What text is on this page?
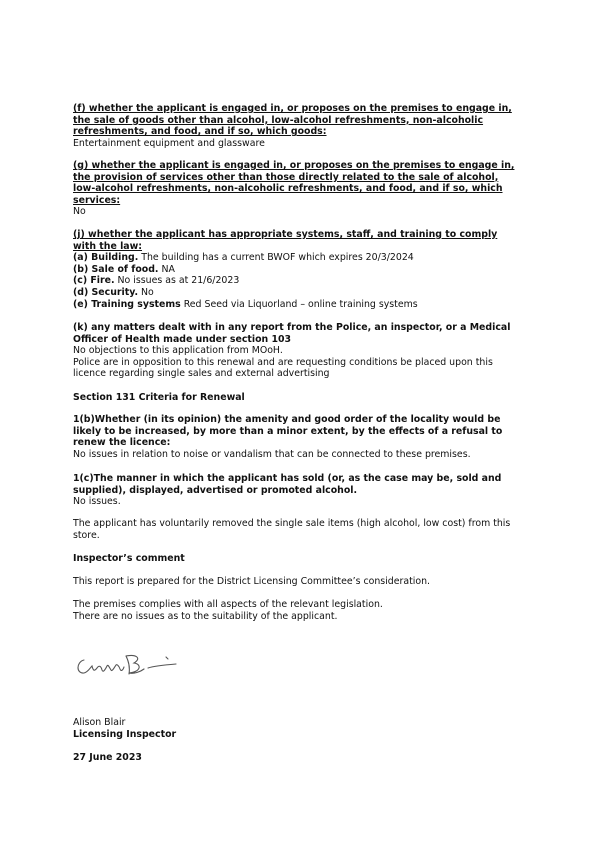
(f) whether the applicant is engaged in, or proposes on the premises to engage in,
the sale of goods other than alcohol, low-alcohol refreshments, non-alcoholic
refreshments, and food, and if so, which goods:
Entertainment equipment and glassware
(g) whether the applicant is engaged in, or proposes on the premises to engage in,
the provision of services other than those directly related to the sale of alcohol,
low-alcohol refreshments, non-alcoholic refreshments, and food, and if so, which
services:
No
(j) whether the applicant has appropriate systems, staff, and training to comply
with the law:
(a) Building. The building has a current BWOF which expires 20/3/2024
(b) Sale of food. NA
(c) Fire. No issues as at 21/6/2023
(d) Security. No
(e) Training systems Red Seed via Liquorland – online training systems
(k) any matters dealt with in any report from the Police, an inspector, or a Medical
Officer of Health made under section 103
No objections to this application from MOoH.
Police are in opposition to this renewal and are requesting conditions be placed upon this
licence regarding single sales and external advertising
Section 131 Criteria for Renewal
1(b)Whether (in its opinion) the amenity and good order of the locality would be
likely to be increased, by more than a minor extent, by the effects of a refusal to
renew the licence:
No issues in relation to noise or vandalism that can be connected to these premises.
1(c)The manner in which the applicant has sold (or, as the case may be, sold and
supplied), displayed, advertised or promoted alcohol.
No issues.
The applicant has voluntarily removed the single sale items (high alcohol, low cost) from this
store.
Inspector’s comment
This report is prepared for the District Licensing Committee’s consideration.
The premises complies with all aspects of the relevant legislation.
There are no issues as to the suitability of the applicant.
Alison Blair
Licensing Inspector
27 June 2023
